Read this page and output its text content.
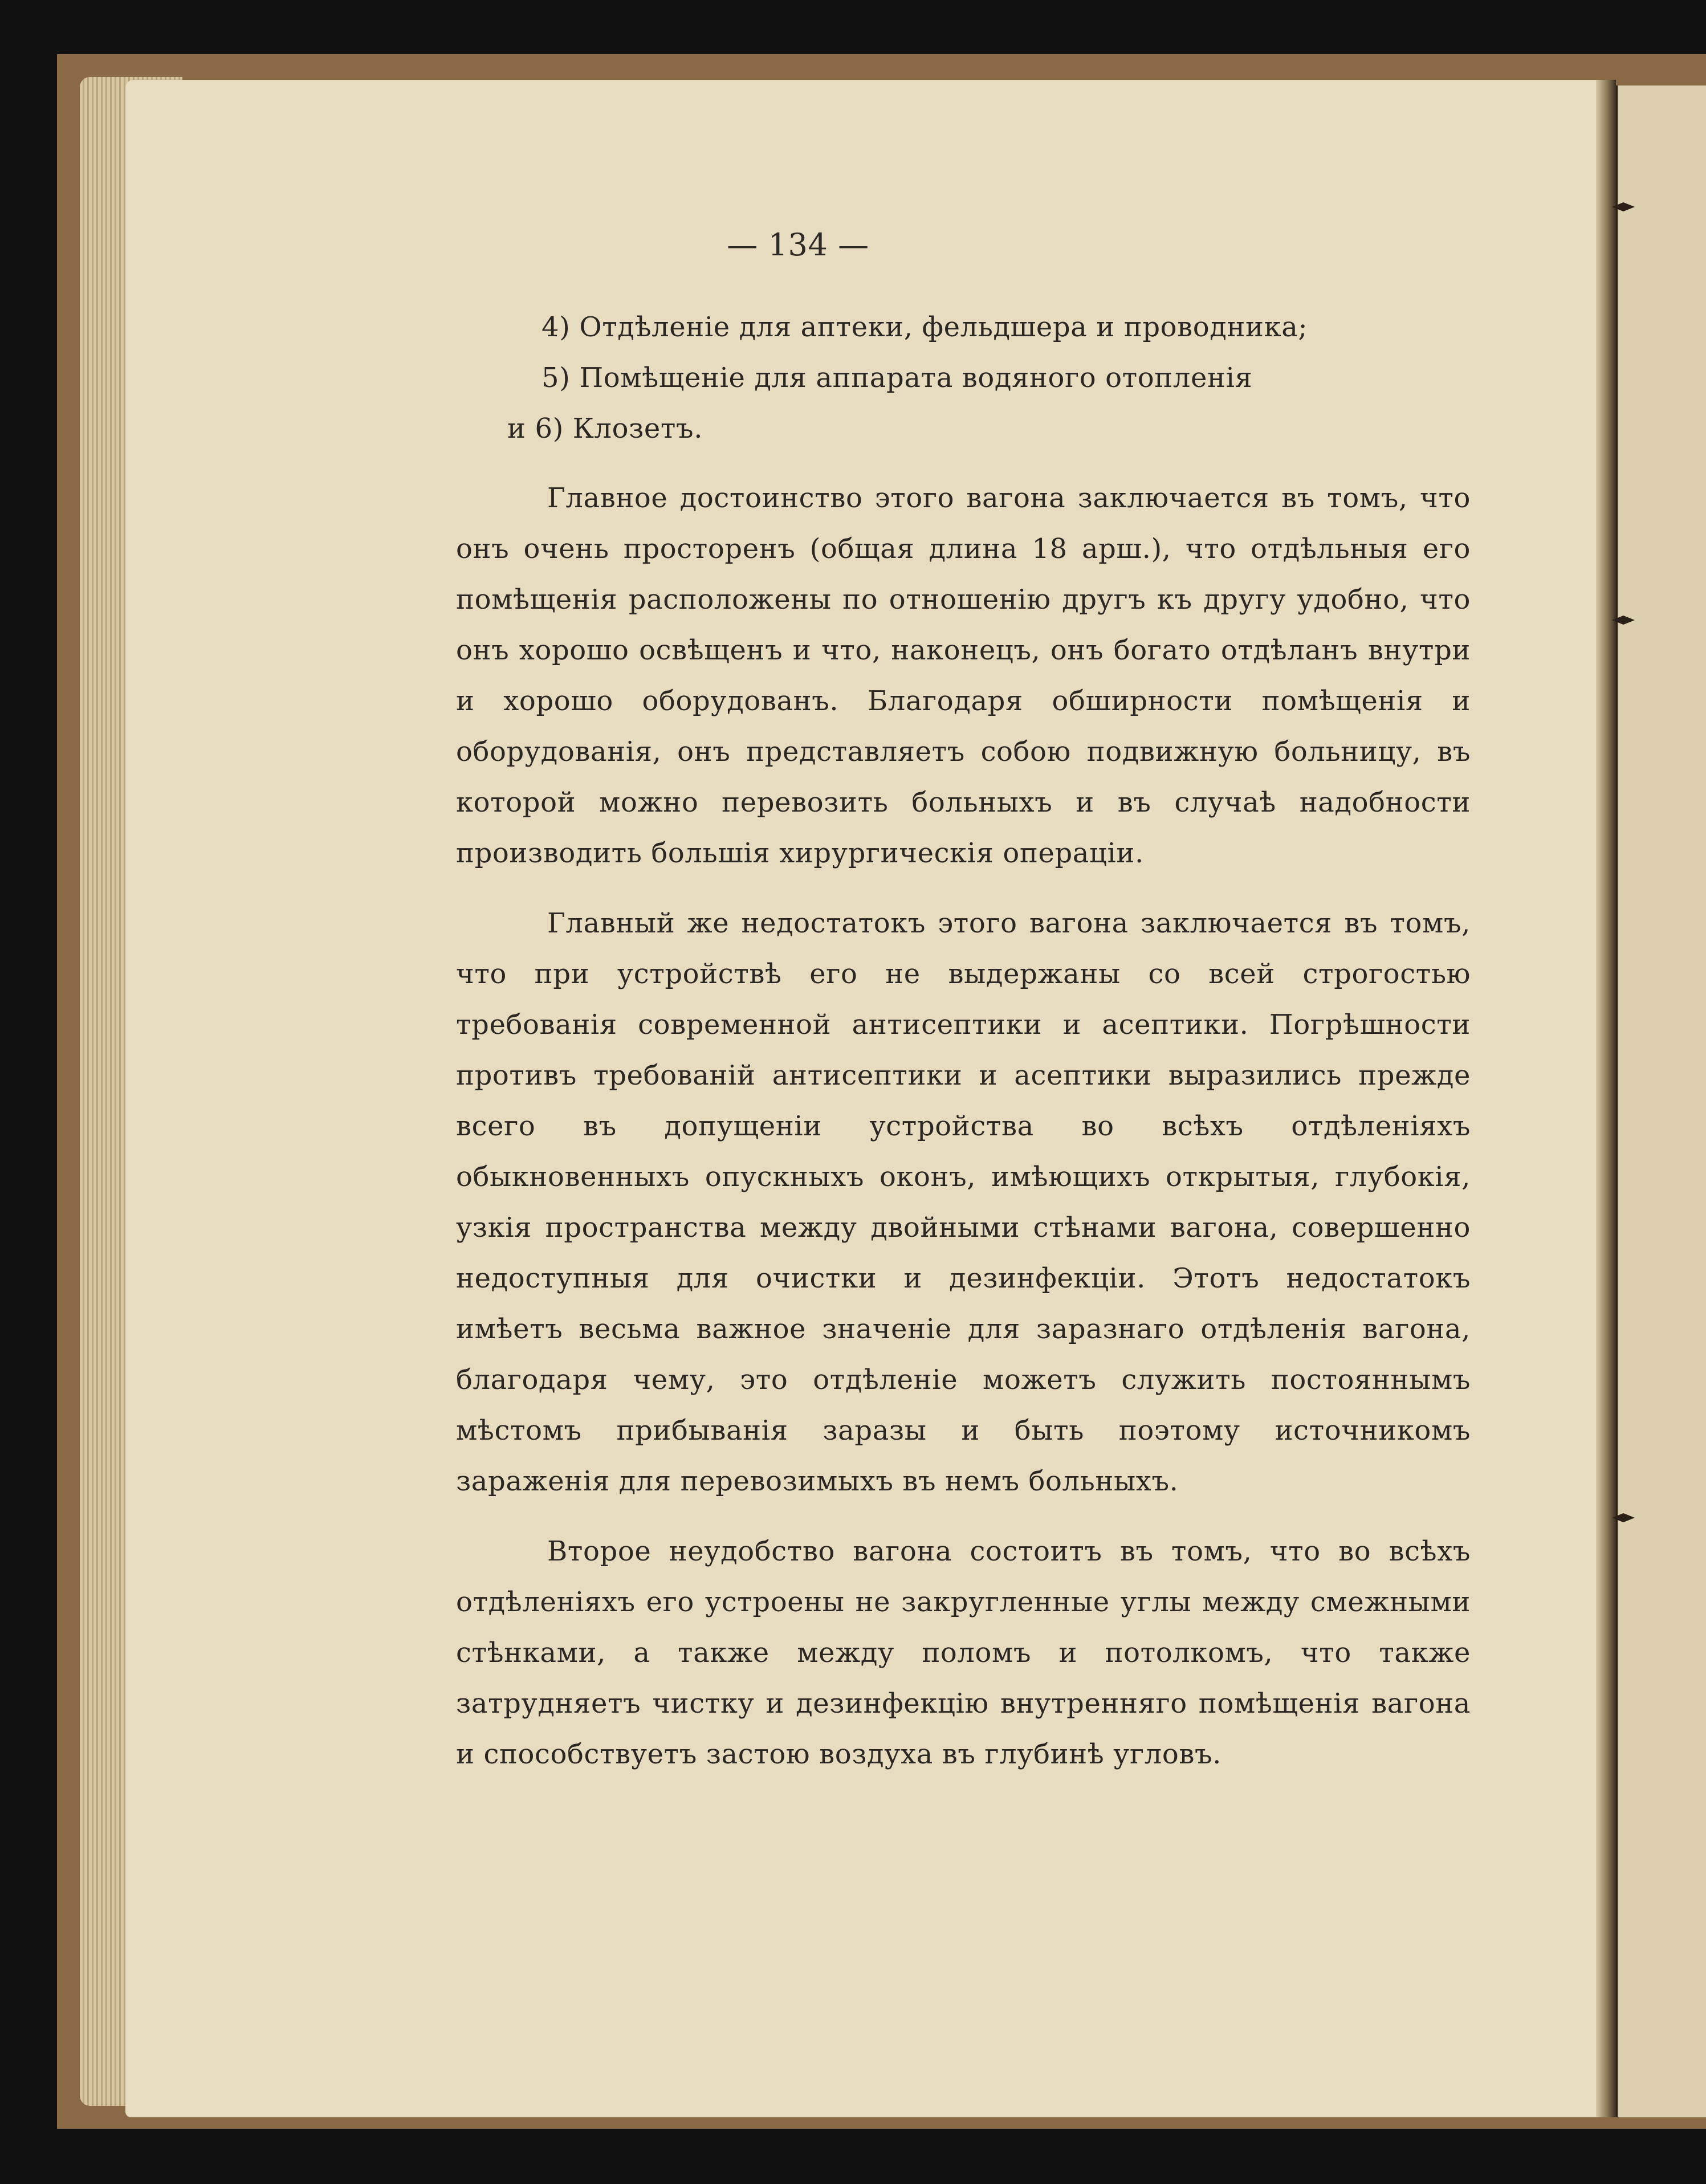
— 134 —
4) Отдѣленіе для аптеки, фельдшера и проводника;
5) Помѣщеніе для аппарата водяного отопленія
и 6) Клозетъ.

Главное достоинство этого вагона заключается въ томъ, что онъ очень просторенъ (общая длина 18 арш.), что отдѣльныя его помѣщенія расположены по отношенію другъ къ другу удобно, что онъ хорошо освѣщенъ и что, наконецъ, онъ богато отдѣланъ внутри и хорошо оборудованъ. Благодаря обширности помѣщенія и оборудованія, онъ представляетъ собою подвижную больницу, въ которой можно перевозить больныхъ и въ случаѣ надобности производить большія хирургическія операціи.

Главный же недостатокъ этого вагона заключается въ томъ, что при устройствѣ его не выдержаны со всей строгостью требованія современной антисептики и асептики. Погрѣшности противъ требованій антисептики и асептики выразились прежде всего въ допущеніи устройства во всѣхъ отдѣленіяхъ обыкновенныхъ опускныхъ оконъ, имѣющихъ открытыя, глубокія, узкія пространства между двойными стѣнами вагона, совершенно недоступныя для очистки и дезинфекціи. Этотъ недостатокъ имѣетъ весьма важное значеніе для заразнаго отдѣленія вагона, благодаря чему, это отдѣленіе можетъ служить постояннымъ мѣстомъ прибыванія заразы и быть поэтому источникомъ зараженія для перевозимыхъ въ немъ больныхъ.

Второе неудобство вагона состоитъ въ томъ, что во всѣхъ отдѣленіяхъ его устроены не закругленные углы между смежными стѣнками, а также между поломъ и потолкомъ, что также затрудняетъ чистку и дезинфекцію внутренняго помѣщенія вагона и способствуетъ застою воздуха въ глубинѣ угловъ.
